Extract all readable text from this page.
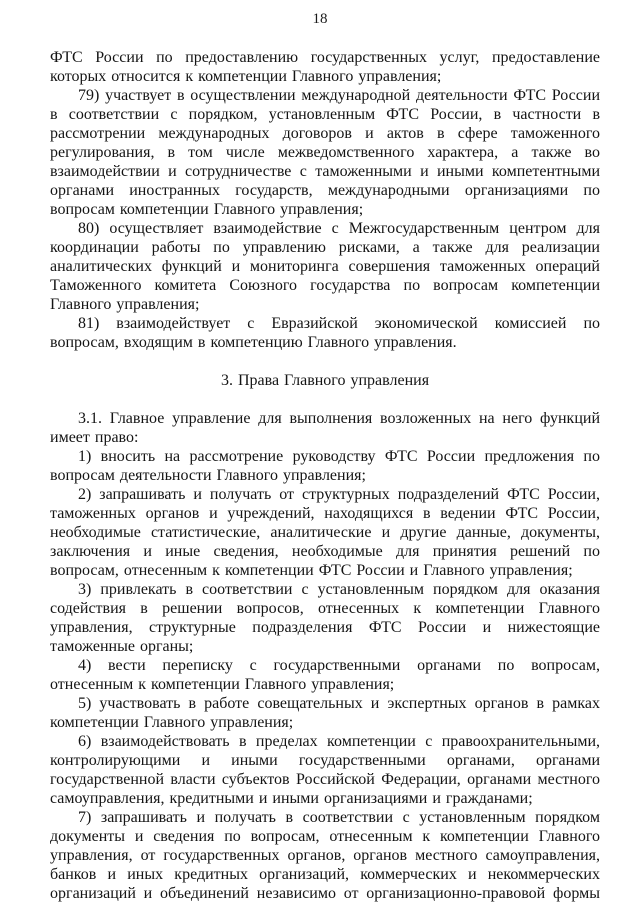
18

ФТС России по предоставлению государственных услуг, предоставление которых относится к компетенции Главного управления;

79) участвует в осуществлении международной деятельности ФТС России в соответствии с порядком, установленным ФТС России, в частности в рассмотрении международных договоров и актов в сфере таможенного регулирования, в том числе межведомственного характера, а также во взаимодействии и сотрудничестве с таможенными и иными компетентными органами иностранных государств, международными организациями по вопросам компетенции Главного управления;

80) осуществляет взаимодействие с Межгосударственным центром для координации работы по управлению рисками, а также для реализации аналитических функций и мониторинга совершения таможенных операций Таможенного комитета Союзного государства по вопросам компетенции Главного управления;

81) взаимодействует с Евразийской экономической комиссией по вопросам, входящим в компетенцию Главного управления.

3. Права Главного управления

3.1. Главное управление для выполнения возложенных на него функций имеет право:

1) вносить на рассмотрение руководству ФТС России предложения по вопросам деятельности Главного управления;

2) запрашивать и получать от структурных подразделений ФТС России, таможенных органов и учреждений, находящихся в ведении ФТС России, необходимые статистические, аналитические и другие данные, документы, заключения и иные сведения, необходимые для принятия решений по вопросам, отнесенным к компетенции ФТС России и Главного управления;

3) привлекать в соответствии с установленным порядком для оказания содействия в решении вопросов, отнесенных к компетенции Главного управления, структурные подразделения ФТС России и нижестоящие таможенные органы;

4) вести переписку с государственными органами по вопросам, отнесенным к компетенции Главного управления;

5) участвовать в работе совещательных и экспертных органов в рамках компетенции Главного управления;

6) взаимодействовать в пределах компетенции с правоохранительными, контролирующими и иными государственными органами, органами государственной власти субъектов Российской Федерации, органами местного самоуправления, кредитными и иными организациями и гражданами;

7) запрашивать и получать в соответствии с установленным порядком документы и сведения по вопросам, отнесенным к компетенции Главного управления, от государственных органов, органов местного самоуправления, банков и иных кредитных организаций, коммерческих и некоммерческих организаций и объединений независимо от организационно-правовой формы
